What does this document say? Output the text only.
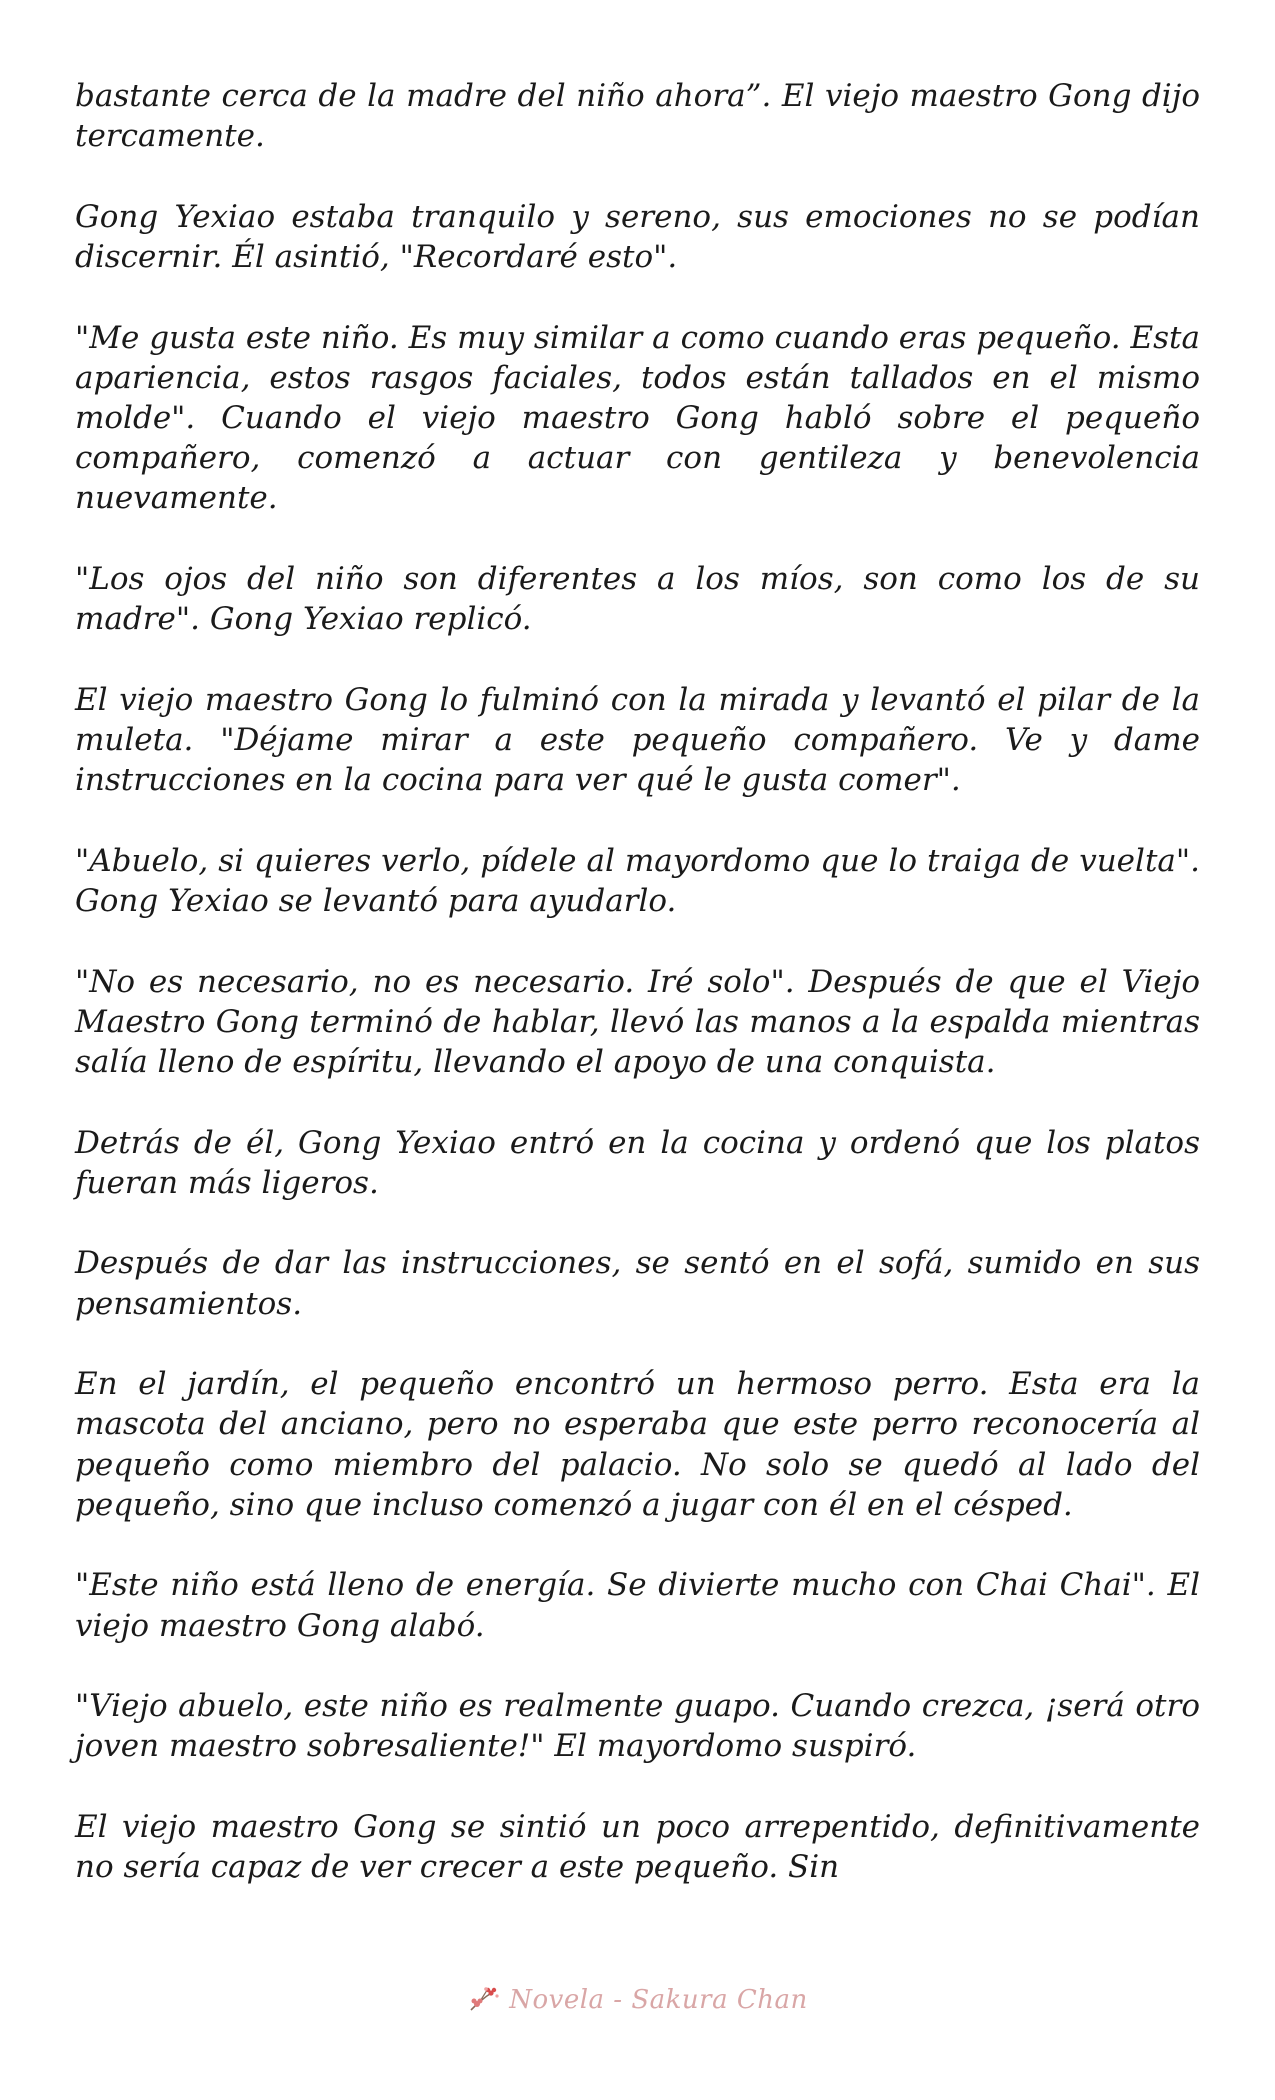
bastante cerca de la madre del niño ahora”. El viejo maestro Gong dijo tercamente.

Gong Yexiao estaba tranquilo y sereno, sus emociones no se podían discernir. Él asintió, "Recordaré esto".

"Me gusta este niño. Es muy similar a como cuando eras pequeño. Esta apariencia, estos rasgos faciales, todos están tallados en el mismo molde". Cuando el viejo maestro Gong habló sobre el pequeño compañero, comenzó a actuar con gentileza y benevolencia nuevamente.

"Los ojos del niño son diferentes a los míos, son como los de su madre". Gong Yexiao replicó.

El viejo maestro Gong lo fulminó con la mirada y levantó el pilar de la muleta. "Déjame mirar a este pequeño compañero. Ve y dame instrucciones en la cocina para ver qué le gusta comer".

"Abuelo, si quieres verlo, pídele al mayordomo que lo traiga de vuelta". Gong Yexiao se levantó para ayudarlo.

"No es necesario, no es necesario. Iré solo". Después de que el Viejo Maestro Gong terminó de hablar, llevó las manos a la espalda mientras salía lleno de espíritu, llevando el apoyo de una conquista.

Detrás de él, Gong Yexiao entró en la cocina y ordenó que los platos fueran más ligeros.

Después de dar las instrucciones, se sentó en el sofá, sumido en sus pensamientos.

En el jardín, el pequeño encontró un hermoso perro. Esta era la mascota del anciano, pero no esperaba que este perro reconocería al pequeño como miembro del palacio. No solo se quedó al lado del pequeño, sino que incluso comenzó a jugar con él en el césped.

"Este niño está lleno de energía. Se divierte mucho con Chai Chai". El viejo maestro Gong alabó.

"Viejo abuelo, este niño es realmente guapo. Cuando crezca, ¡será otro joven maestro sobresaliente!" El mayordomo suspiró.

El viejo maestro Gong se sintió un poco arrepentido, definitivamente no sería capaz de ver crecer a este pequeño. Sin

Novela - Sakura Chan
